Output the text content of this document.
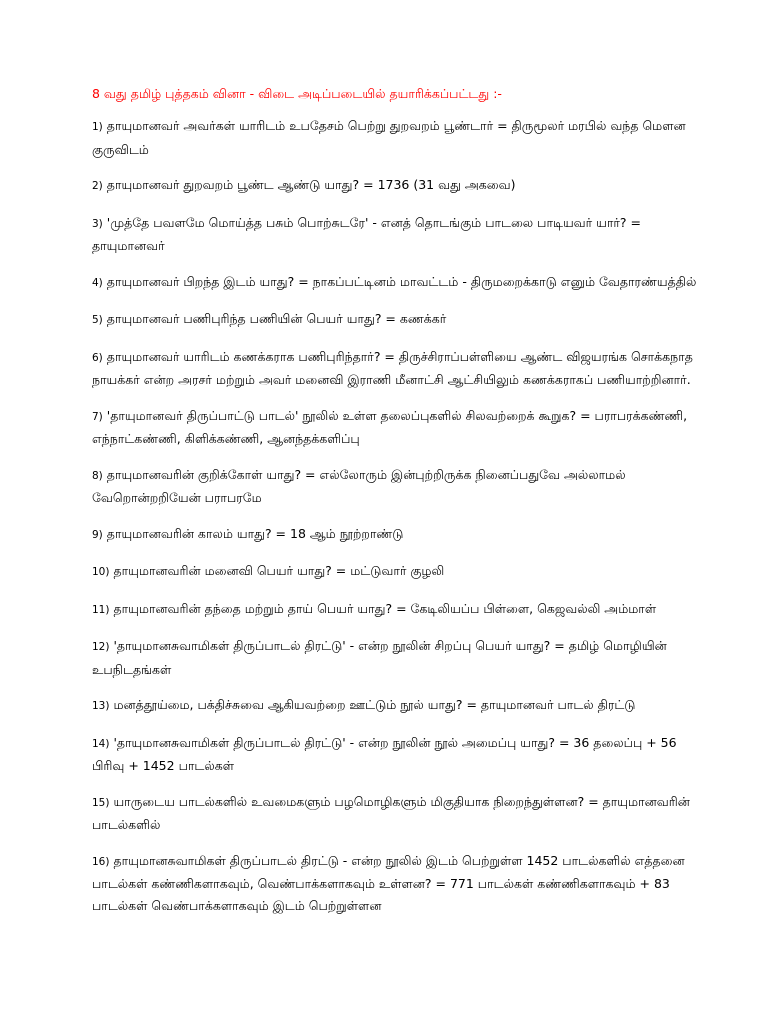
8 வது தமிழ் புத்தகம் வினா - விடை அடிப்படையில் தயாரிக்கப்பட்டது :-
1) தாயுமானவர் அவர்கள் யாரிடம் உபதேசம் பெற்று துறவறம் பூண்டார் = திருமூலர் மரபில் வந்த மௌன குருவிடம்
2) தாயுமானவர் துறவறம் பூண்ட ஆண்டு யாது? = 1736 (31 வது அகவை)
3) 'முத்தே பவளமே மொய்த்த பசும் பொற்சுடரே' - எனத் தொடங்கும் பாடலை பாடியவர் யார்? = தாயுமானவர்
4) தாயுமானவர் பிறந்த இடம் யாது? = நாகப்பட்டினம் மாவட்டம் - திருமறைக்காடு எனும் வேதாரண்யத்தில்
5) தாயுமானவர் பணிபுரிந்த பணியின் பெயர் யாது? = கணக்கர்
6) தாயுமானவர் யாரிடம் கணக்கராக பணிபுரிந்தார்? = திருச்சிராப்பள்ளியை ஆண்ட விஜயரங்க சொக்கநாத நாயக்கர் என்ற அரசர் மற்றும் அவர் மனைவி இராணி மீனாட்சி ஆட்சியிலும் கணக்கராகப் பணியாற்றினார்.
7) 'தாயுமானவர் திருப்பாட்டு பாடல்' நூலில் உள்ள தலைப்புகளில் சிலவற்றைக் கூறுக? = பராபரக்கண்ணி, எந்நாட்கண்ணி, கிளிக்கண்ணி, ஆனந்தக்களிப்பு
8) தாயுமானவரின் குறிக்கோள் யாது? = எல்லோரும் இன்புற்றிருக்க நினைப்பதுவே அல்லாமல் வேறொன்றறியேன் பராபரமே
9) தாயுமானவரின் காலம் யாது? = 18 ஆம் நூற்றாண்டு
10) தாயுமானவரின் மனைவி பெயர் யாது? = மட்டுவார் குழலி
11) தாயுமானவரின் தந்தை மற்றும் தாய் பெயர் யாது? = கேடிலியப்ப பிள்ளை, கெஜவல்லி அம்மாள்
12) 'தாயுமானசுவாமிகள் திருப்பாடல் திரட்டு' - என்ற நூலின் சிறப்பு பெயர் யாது? = தமிழ் மொழியின் உபநிடதங்கள்
13) மனத்தூய்மை, பக்திச்சுவை ஆகியவற்றை ஊட்டும் நூல் யாது? = தாயுமானவர் பாடல் திரட்டு
14) 'தாயுமானசுவாமிகள் திருப்பாடல் திரட்டு' - என்ற நூலின் நூல் அமைப்பு யாது? = 36 தலைப்பு + 56 பிரிவு + 1452 பாடல்கள்
15) யாருடைய பாடல்களில் உவமைகளும் பழமொழிகளும் மிகுதியாக நிறைந்துள்ளன? = தாயுமானவரின் பாடல்களில்
16) தாயுமானசுவாமிகள் திருப்பாடல் திரட்டு - என்ற நூலில் இடம் பெற்றுள்ள 1452 பாடல்களில் எத்தனை பாடல்கள் கண்ணிகளாகவும், வெண்பாக்களாகவும் உள்ளன? = 771 பாடல்கள் கண்ணிகளாகவும் + 83 பாடல்கள் வெண்பாக்களாகவும் இடம் பெற்றுள்ளன
